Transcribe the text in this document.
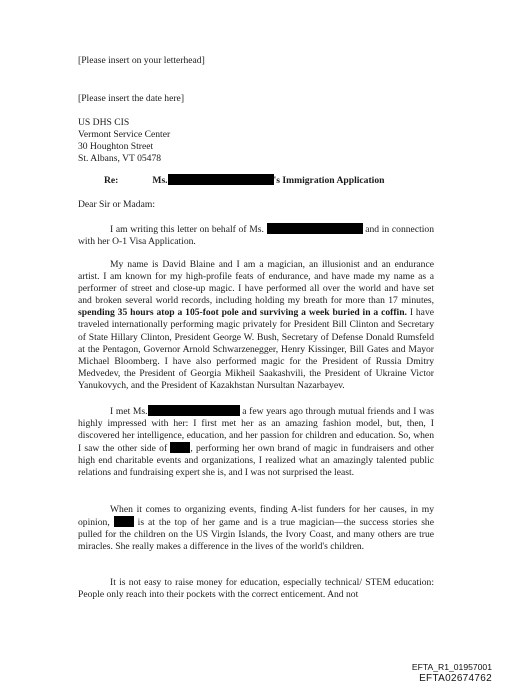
[Please insert on your letterhead]
[Please insert the date here]
US DHS CIS
Vermont Service Center
30 Houghton Street
St. Albans, VT 05478
Re:	Ms.	's Immigration Application
Dear Sir or Madam:

I am writing this letter on behalf of Ms.	and in connection with her O-1 Visa Application.

My name is David Blaine and I am a magician, an illusionist and an endurance artist. I am known for my high-profile feats of endurance, and have made my name as a performer of street and close-up magic. I have performed all over the world and have set and broken several world records, including holding my breath for more than 17 minutes, spending 35 hours atop a 105-foot pole and surviving a week buried in a coffin. I have traveled internationally performing magic privately for President Bill Clinton and Secretary of State Hillary Clinton, President George W. Bush, Secretary of Defense Donald Rumsfeld at the Pentagon, Governor Arnold Schwarzenegger, Henry Kissinger, Bill Gates and Mayor Michael Bloomberg. I have also performed magic for the President of Russia Dmitry Medvedev, the President of Georgia Mikheil Saakashvili, the President of Ukraine Victor Yanukovych, and the President of Kazakhstan Nursultan Nazarbayev.

I met Ms.	a few years ago through mutual friends and I was highly impressed with her: I first met her as an amazing fashion model, but, then, I discovered her intelligence, education, and her passion for children and education. So, when I saw the other side of , performing her own brand of magic in fundraisers and other high end charitable events and organizations, I realized what an amazingly talented public relations and fundraising expert she is, and I was not surprised the least.

When it comes to organizing events, finding A-list funders for her causes, in my opinion,	is at the top of her game and is a true magician—the success stories she pulled for the children on the US Virgin Islands, the Ivory Coast, and many others are true miracles. She really makes a difference in the lives of the world's children.

It is not easy to raise money for education, especially technical/ STEM education: People only reach into their pockets with the correct enticement. And not

EFTA_R1_01957001
EFTA02674762
